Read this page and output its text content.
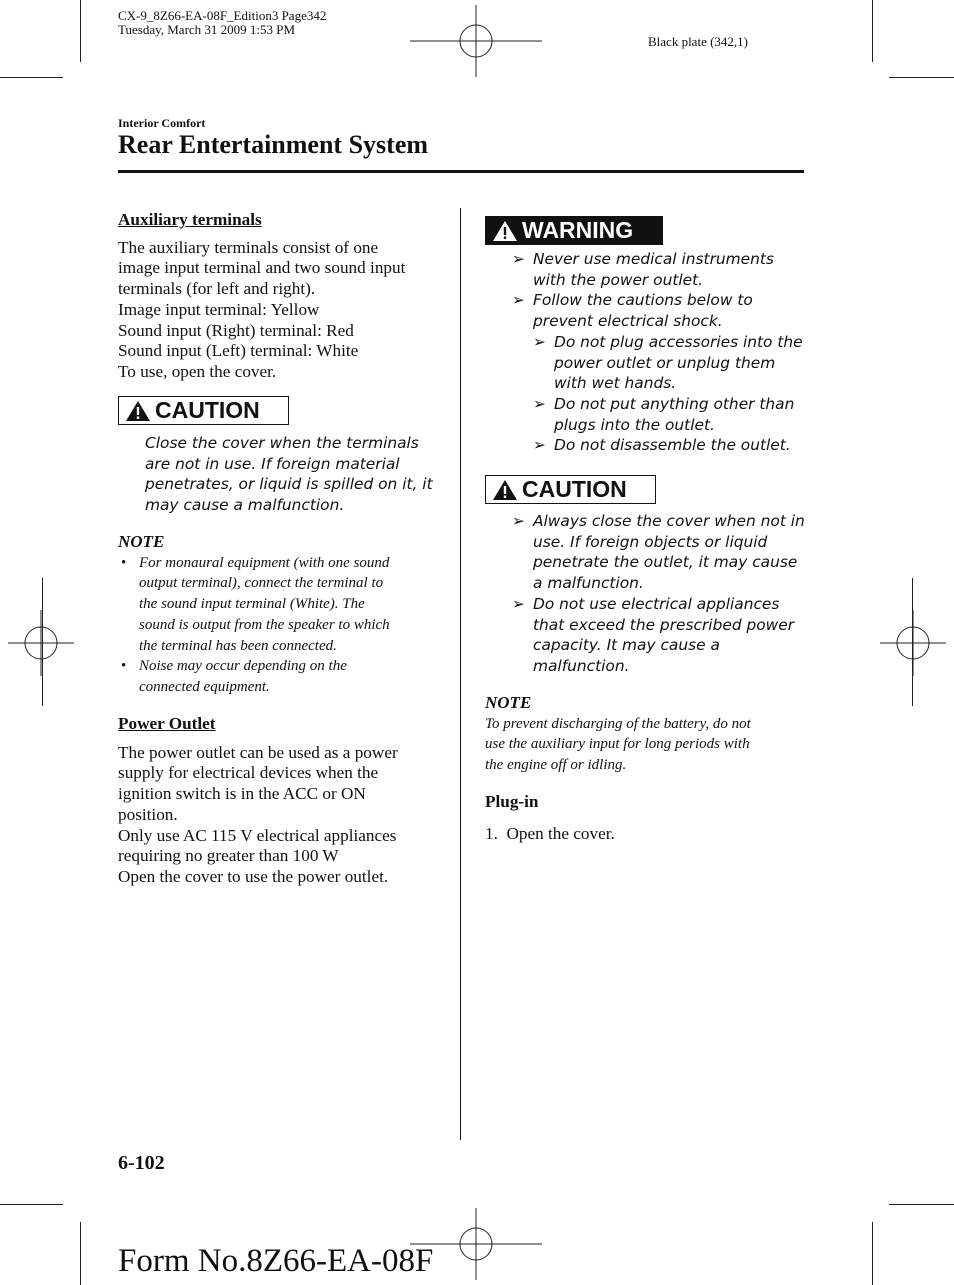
CX-9_8Z66-EA-08F_Edition3 Page342
Tuesday, March 31 2009 1:53 PM
Black plate (342,1)
Interior Comfort
Rear Entertainment System

Auxiliary terminals

The auxiliary terminals consist of one
image input terminal and two sound input
terminals (for left and right).
Image input terminal: Yellow
Sound input (Right) terminal: Red
Sound input (Left) terminal: White
To use, open the cover.
CAUTION
Close the cover when the terminals
are not in use. If foreign material
penetrates, or liquid is spilled on it, it
may cause a malfunction.

NOTE

• For monaural equipment (with one sound
output terminal), connect the terminal to
the sound input terminal (White). The
sound is output from the speaker to which
the terminal has been connected.
• Noise may occur depending on the
connected equipment.

Power Outlet

The power outlet can be used as a power
supply for electrical devices when the
ignition switch is in the ACC or ON
position.
Only use AC 115 V electrical appliances
requiring no greater than 100 W
Open the cover to use the power outlet.
WARNING
➢ Never use medical instruments
with the power outlet.
➢ Follow the cautions below to
prevent electrical shock.
➢ Do not plug accessories into the
power outlet or unplug them
with wet hands.
➢ Do not put anything other than
plugs into the outlet.
➢ Do not disassemble the outlet.
CAUTION
➢ Always close the cover when not in
use. If foreign objects or liquid
penetrate the outlet, it may cause
a malfunction.
➢ Do not use electrical appliances
that exceed the prescribed power
capacity. It may cause a
malfunction.

NOTE

To prevent discharging of the battery, do not
use the auxiliary input for long periods with
the engine off or idling.

Plug-in

1.  Open the cover.
6-102
Form No.8Z66-EA-08F
